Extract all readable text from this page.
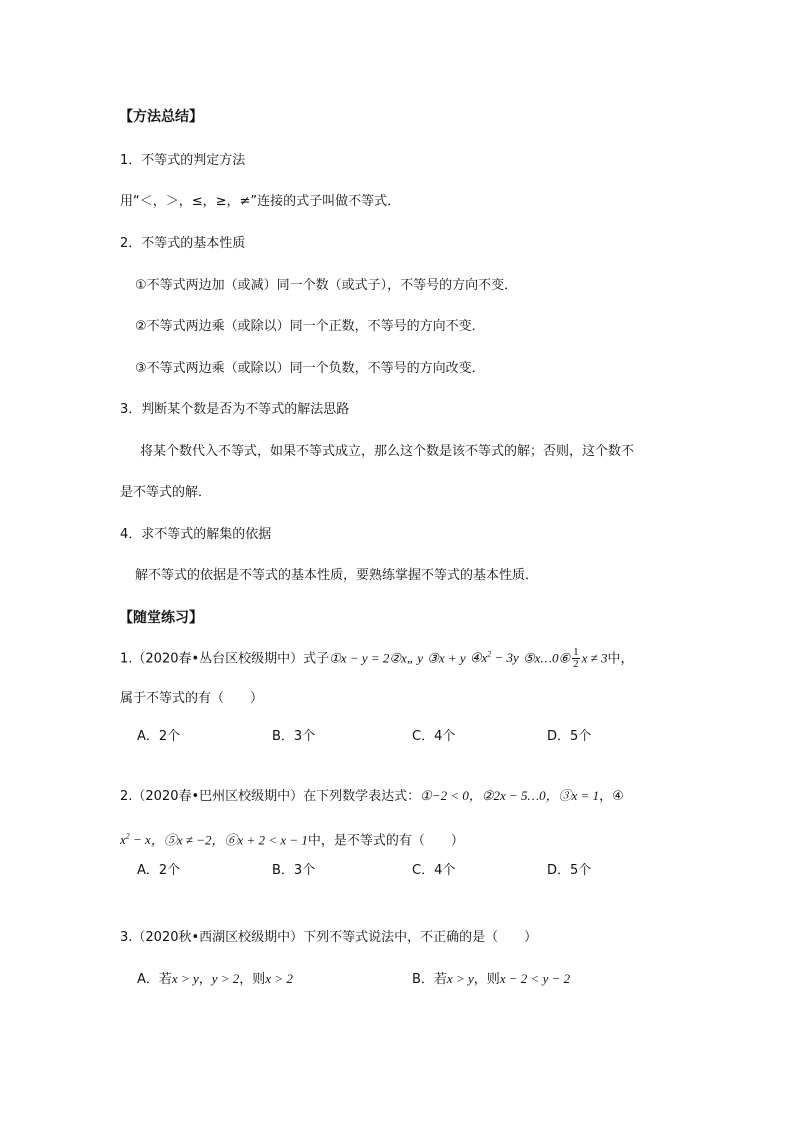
【方法总结】
1．不等式的判定方法
用“＜，＞，≤，≥，≠”连接的式子叫做不等式．
2．不等式的基本性质
①不等式两边加（或减）同一个数（或式子），不等号的方向不变．
②不等式两边乘（或除以）同一个正数，不等号的方向不变．
③不等式两边乘（或除以）同一个负数，不等号的方向改变．
3．判断某个数是否为不等式的解法思路
将某个数代入不等式，如果不等式成立，那么这个数是该不等式的解；否则，这个数不
是不等式的解．
4．求不等式的解集的依据
解不等式的依据是不等式的基本性质，要熟练掌握不等式的基本性质．
【随堂练习】
1.（2020春•丛台区校级期中）式子①x − y = 2②x„ y ③x + y $④x^2 - 3y$ ⑤x…0⑥ $\frac{1}{2}$ x ≠ 3中，
属于不等式的有（　　）
A．2个	B．3个	C．4个	D．5个
2.（2020春•巴州区校级期中）在下列数学表达式：①−2 < 0，②2x − 5…0，③x = 1，④
$x^2 - x$，⑤x ≠ −2，⑥x + 2 < x − 1中，是不等式的有（　　）
A．2个	B．3个	C．4个	D．5个
3.（2020秋•西湖区校级期中）下列不等式说法中，不正确的是（　　）
A．若x > y，y > 2，则x > 2	B．若x > y，则x − 2 < y − 2
